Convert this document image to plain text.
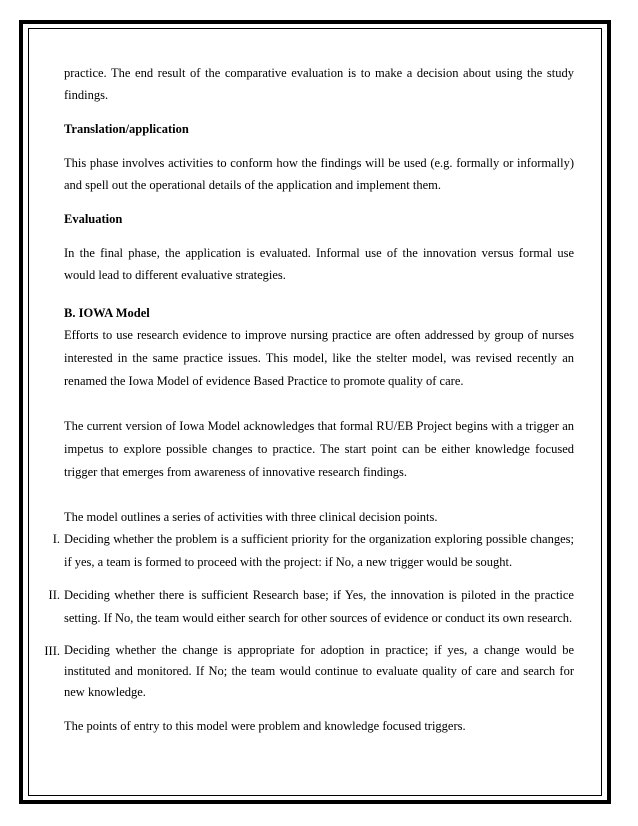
practice. The end result of the comparative evaluation is to make a decision about using the study findings.

Translation/application

This phase involves activities to conform how the findings will be used (e.g. formally or informally) and spell out the operational details of the application and implement them.

Evaluation

In the final phase, the application is evaluated. Informal use of the innovation versus formal use would lead to different evaluative strategies.

B. IOWA Model

Efforts to use research evidence to improve nursing practice are often addressed by group of nurses interested in the same practice issues. This model, like the stelter model, was revised recently an renamed the Iowa Model of evidence Based Practice to promote quality of care.

The current version of Iowa Model acknowledges that formal RU/EB Project begins with a trigger an impetus to explore possible changes to practice. The start point can be either knowledge focused trigger that emerges from awareness of innovative research findings.

The model outlines a series of activities with three clinical decision points.

I. Deciding whether the problem is a sufficient priority for the organization exploring possible changes; if yes, a team is formed to proceed with the project: if No, a new trigger would be sought.

II. Deciding whether there is sufficient Research base; if Yes, the innovation is piloted in the practice setting. If No, the team would either search for other sources of evidence or conduct its own research.

III. Deciding whether the change is appropriate for adoption in practice; if yes, a change would be instituted and monitored. If No; the team would continue to evaluate quality of care and search for new knowledge.

The points of entry to this model were problem and knowledge focused triggers.
